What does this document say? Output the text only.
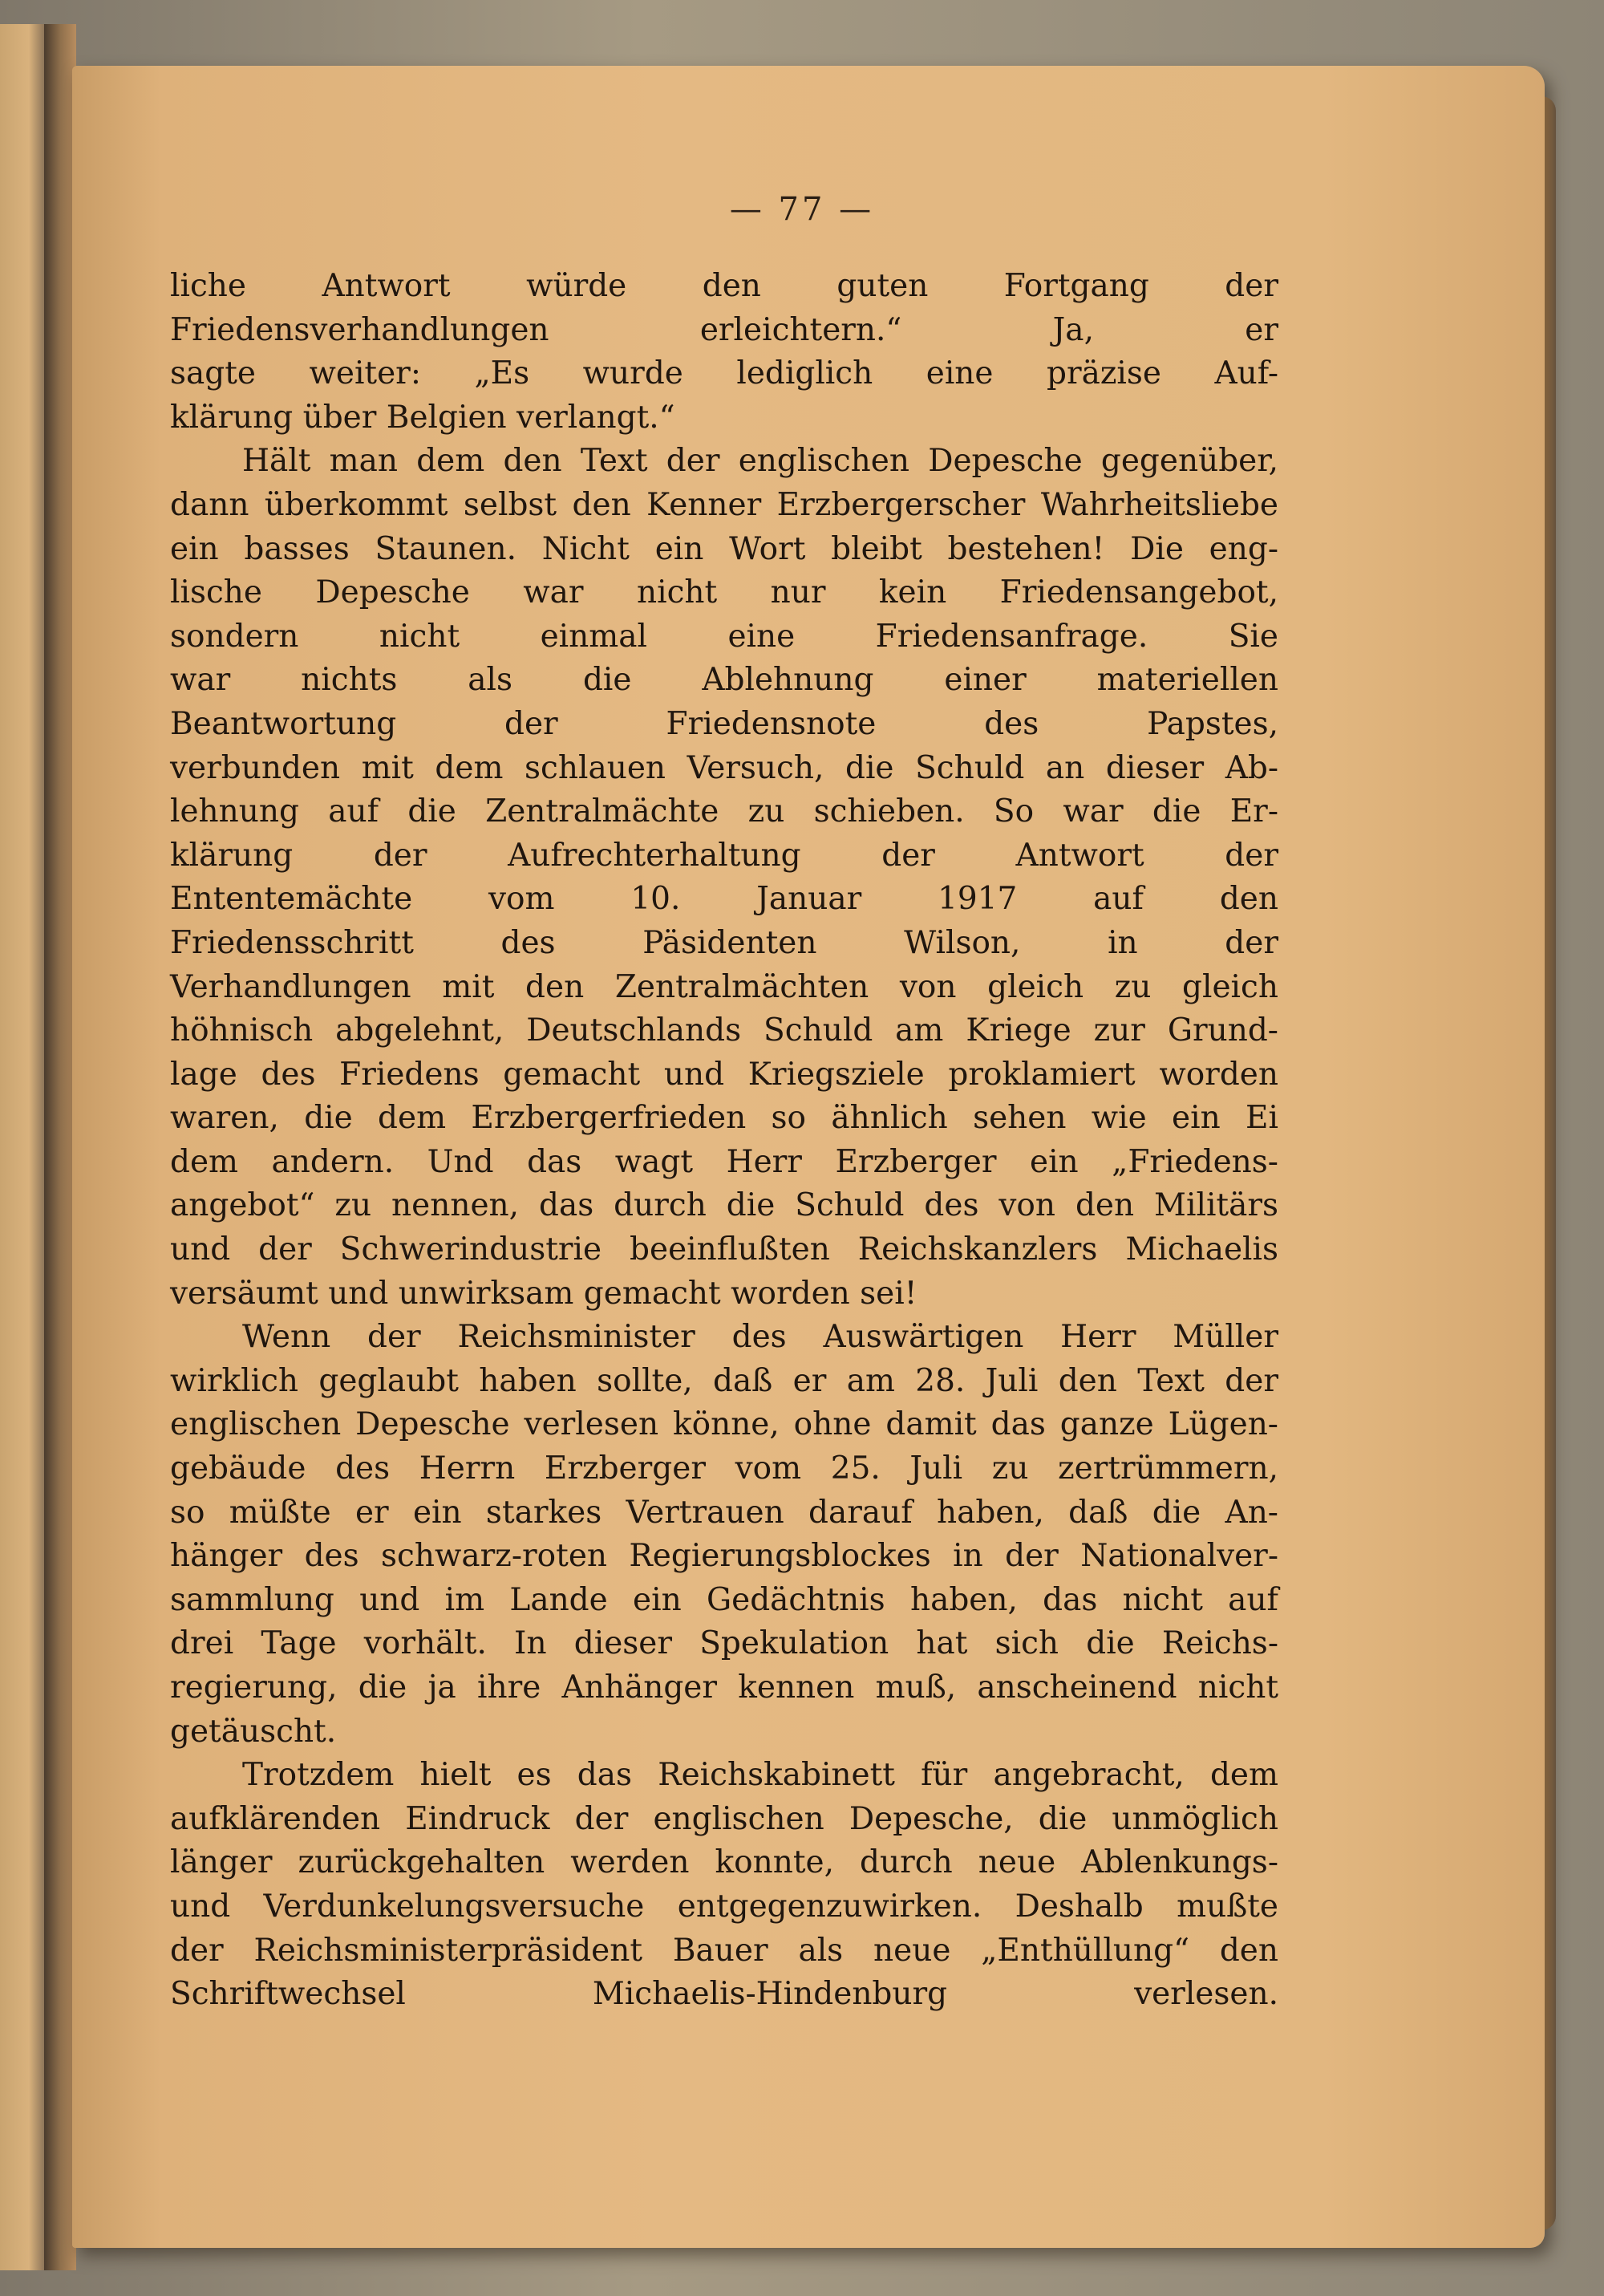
— 77 —
liche Antwort würde den guten Fortgang der
Friedensverhandlungen erleichtern.“ Ja, er
sagte weiter: „Es wurde lediglich eine präzise Auf-
klärung über Belgien verlangt.“
Hält man dem den Text der englischen Depesche gegenüber,
dann überkommt selbst den Kenner Erzbergerscher Wahrheitsliebe
ein basses Staunen. Nicht ein Wort bleibt bestehen! Die eng-
lische Depesche war nicht nur kein Friedensangebot,
sondern nicht einmal eine Friedensanfrage. Sie
war nichts als die Ablehnung einer materiellen
Beantwortung der Friedensnote des Papstes,
verbunden mit dem schlauen Versuch, die Schuld an dieser Ab-
lehnung auf die Zentralmächte zu schieben. So war die Er-
klärung der Aufrechterhaltung der Antwort der
Ententemächte vom 10. Januar 1917 auf den
Friedensschritt des Päsidenten Wilson, in der
Verhandlungen mit den Zentralmächten von gleich zu gleich
höhnisch abgelehnt, Deutschlands Schuld am Kriege zur Grund-
lage des Friedens gemacht und Kriegsziele proklamiert worden
waren, die dem Erzbergerfrieden so ähnlich sehen wie ein Ei
dem andern. Und das wagt Herr Erzberger ein „Friedens-
angebot“ zu nennen, das durch die Schuld des von den Militärs
und der Schwerindustrie beeinflußten Reichskanzlers Michaelis
versäumt und unwirksam gemacht worden sei!
Wenn der Reichsminister des Auswärtigen Herr Müller
wirklich geglaubt haben sollte, daß er am 28. Juli den Text der
englischen Depesche verlesen könne, ohne damit das ganze Lügen-
gebäude des Herrn Erzberger vom 25. Juli zu zertrümmern,
so müßte er ein starkes Vertrauen darauf haben, daß die An-
hänger des schwarz-roten Regierungsblockes in der Nationalver-
sammlung und im Lande ein Gedächtnis haben, das nicht auf
drei Tage vorhält. In dieser Spekulation hat sich die Reichs-
regierung, die ja ihre Anhänger kennen muß, anscheinend nicht
getäuscht.
Trotzdem hielt es das Reichskabinett für angebracht, dem
aufklärenden Eindruck der englischen Depesche, die unmöglich
länger zurückgehalten werden konnte, durch neue Ablenkungs-
und Verdunkelungsversuche entgegenzuwirken. Deshalb mußte
der Reichsministerpräsident Bauer als neue „Enthüllung“ den
Schriftwechsel Michaelis-Hindenburg verlesen.
